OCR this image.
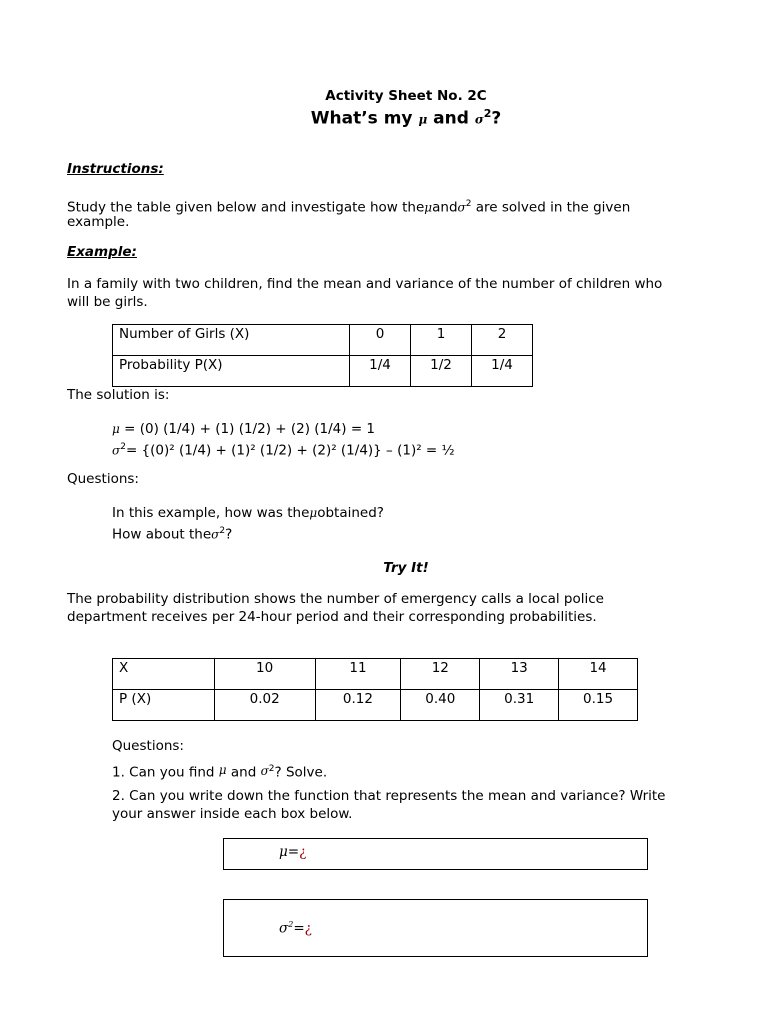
Activity Sheet No. 2C
What’s my μ and $\sigma^2$?
Instructions:
Study the table given below and investigate how theμandσ$^2$ are solved in the given
example.
Example:
In a family with two children, find the mean and variance of the number of children who
will be girls.
Number of Girls (X)	0	1	2
Probability P(X)	1/4	1/2	1/4
The solution is:
μ = (0) (1/4) + (1) (1/2) + (2) (1/4) = 1
$\sigma^2= \{(0)^2$ (1/4) + (1)² (1/2) + (2)² (1/4)} – (1)² = ½
Questions:
In this example, how was theμobtained?
How about theσ$^2$?
Try It!
The probability distribution shows the number of emergency calls a local police
department receives per 24-hour period and their corresponding probabilities.
X	10	11	12	13	14
P (X)	0.02	0.12	0.40	0.31	0.15
Questions:
1. Can you find μ and $\sigma^2$? Solve.
2. Can you write down the function that represents the mean and variance? Write
your answer inside each box below.
μ=¿
$\sigma^2=¿$
